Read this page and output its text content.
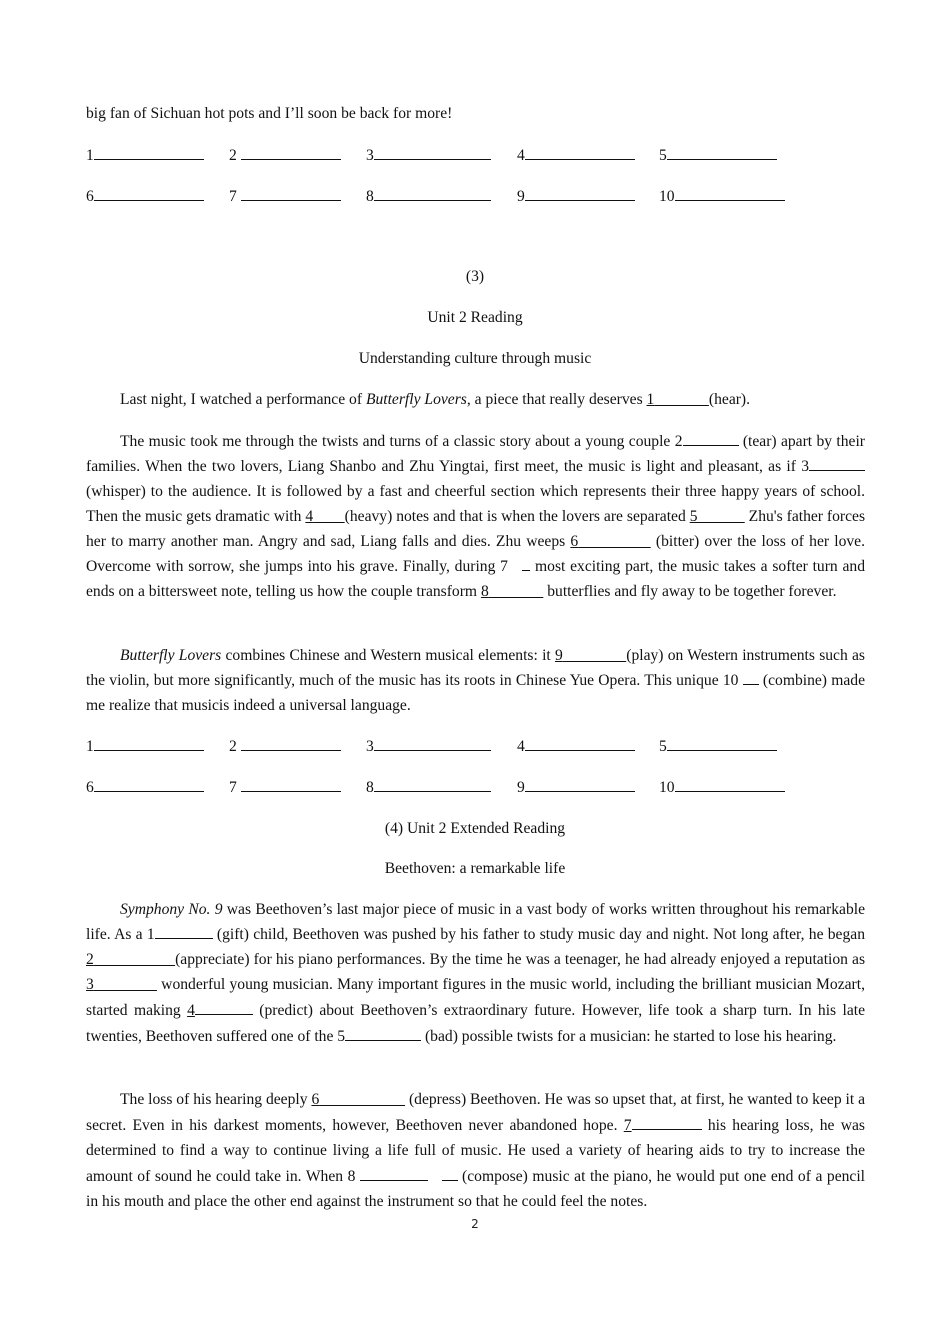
big fan of Sichuan hot pots and I’ll soon be back for more!
1	2	3	4	5
6	7	8	9	10
(3)
Unit 2 Reading
Understanding culture through music

Last night, I watched a performance of Butterfly Lovers, a piece that really deserves 1	(hear).

The music took me through the twists and turns of a classic story about a young couple 2	(tear) apart by their families. When the two lovers, Liang Shanbo and Zhu Yingtai, first meet, the music is light and pleasant, as if 3(whisper) to the audience. It is followed by a fast and cheerful section which represents their three happy years of school. Then the music gets dramatic with 4 (heavy) notes and that is when the lovers are separated 5	Zhu's father forces her to marry another man. Angry and sad, Liang falls and dies. Zhu weeps 6	(bitter) over the loss of her love. Overcome with sorrow, she jumps into his grave. Finally, during 7    most exciting part, the music takes a softer turn and ends on a bittersweet note, telling us how the couple transform 8	butterflies and fly away to be together forever.

Butterfly Lovers combines Chinese and Western musical elements: it 9	(play) on Western instruments such as the violin, but more significantly, much of the music has its roots in Chinese Yue Opera. This unique 10  (combine) made me realize that musicis indeed a universal language.

1	2	3	4	5
6	7	8	9	10
(4) Unit 2 Extended Reading
Beethoven: a remarkable life

Symphony No. 9 was Beethoven’s last major piece of music in a vast body of works written throughout his remarkable life. As a 1	(gift) child, Beethoven was pushed by his father to study music day and night. Not long after, he began 2	(appreciate) for his piano performances. By the time he was a teenager, he had already enjoyed a reputation as 3	wonderful young musician. Many important figures in the music world, including the brilliant musician Mozart, started making 4	(predict) about Beethoven’s extraordinary future. However, life took a sharp turn. In his late twenties, Beethoven suffered one of the 5	(bad) possible twists for a musician: he started to lose his hearing.

The loss of his hearing deeply 6	(depress) Beethoven. He was so upset that, at first, he wanted to keep it a secret. Even in his darkest moments, however, Beethoven never abandoned hope. 7	his hearing loss, he was determined to find a way to continue living a life full of music. He used a variety of hearing aids to try to increase the amount of sound he could take in. When 8	(compose) music at the piano, he would put one end of a pencil in his mouth and place the other end against the instrument so that he could feel the notes.

2
